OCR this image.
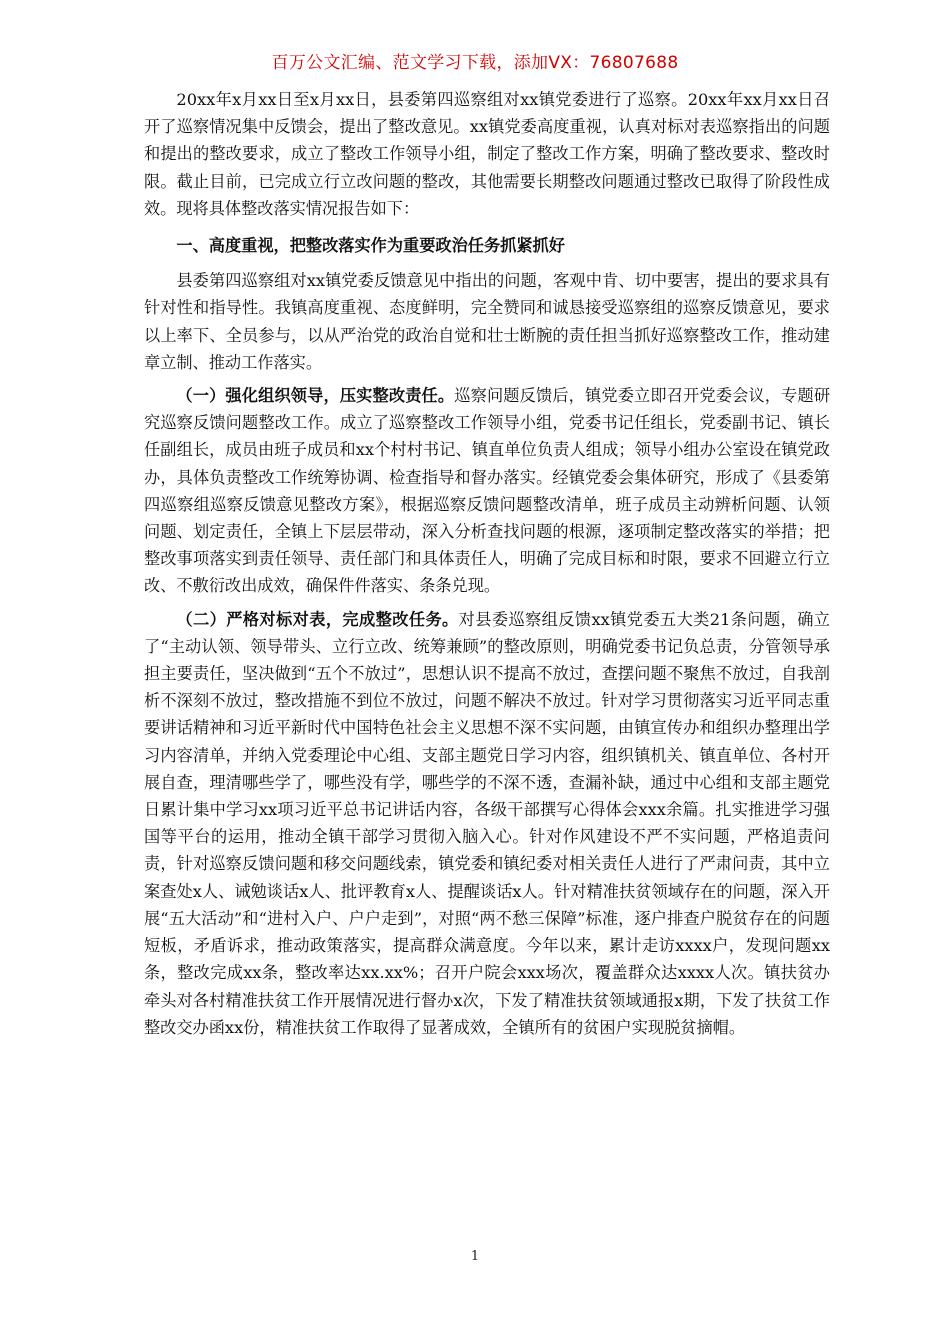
百万公文汇编、范文学习下载，添加VX：76807688

20xx年x月xx日至x月xx日，县委第四巡察组对xx镇党委进行了巡察。20xx年xx月xx日召开了巡察情况集中反馈会，提出了整改意见。xx镇党委高度重视，认真对标对表巡察指出的问题和提出的整改要求，成立了整改工作领导小组，制定了整改工作方案，明确了整改要求、整改时限。截止目前，已完成立行立改问题的整改，其他需要长期整改问题通过整改已取得了阶段性成效。现将具体整改落实情况报告如下：

一、高度重视，把整改落实作为重要政治任务抓紧抓好

县委第四巡察组对xx镇党委反馈意见中指出的问题，客观中肯、切中要害，提出的要求具有针对性和指导性。我镇高度重视、态度鲜明，完全赞同和诚恳接受巡察组的巡察反馈意见，要求以上率下、全员参与，以从严治党的政治自觉和壮士断腕的责任担当抓好巡察整改工作，推动建章立制、推动工作落实。

（一）强化组织领导，压实整改责任。巡察问题反馈后，镇党委立即召开党委会议，专题研究巡察反馈问题整改工作。成立了巡察整改工作领导小组，党委书记任组长，党委副书记、镇长任副组长，成员由班子成员和xx个村村书记、镇直单位负责人组成；领导小组办公室设在镇党政办，具体负责整改工作统筹协调、检查指导和督办落实。经镇党委会集体研究，形成了《县委第四巡察组巡察反馈意见整改方案》，根据巡察反馈问题整改清单，班子成员主动辨析问题、认领问题、划定责任，全镇上下层层带动，深入分析查找问题的根源，逐项制定整改落实的举措；把整改事项落实到责任领导、责任部门和具体责任人，明确了完成目标和时限，要求不回避立行立改、不敷衍改出成效，确保件件落实、条条兑现。

（二）严格对标对表，完成整改任务。对县委巡察组反馈xx镇党委五大类21条问题，确立了“主动认领、领导带头、立行立改、统筹兼顾”的整改原则，明确党委书记负总责，分管领导承担主要责任，坚决做到“五个不放过”，思想认识不提高不放过，查摆问题不聚焦不放过，自我剖析不深刻不放过，整改措施不到位不放过，问题不解决不放过。针对学习贯彻落实习近平同志重要讲话精神和习近平新时代中国特色社会主义思想不深不实问题，由镇宣传办和组织办整理出学习内容清单，并纳入党委理论中心组、支部主题党日学习内容，组织镇机关、镇直单位、各村开展自查，理清哪些学了，哪些没有学，哪些学的不深不透，查漏补缺，通过中心组和支部主题党日累计集中学习xx项习近平总书记讲话内容，各级干部撰写心得体会xxx余篇。扎实推进学习强国等平台的运用，推动全镇干部学习贯彻入脑入心。针对作风建设不严不实问题，严格追责问责，针对巡察反馈问题和移交问题线索，镇党委和镇纪委对相关责任人进行了严肃问责，其中立案查处x人、诫勉谈话x人、批评教育x人、提醒谈话x人。针对精准扶贫领域存在的问题，深入开展“五大活动”和“进村入户、户户走到”，对照“两不愁三保障”标准，逐户排查户脱贫存在的问题短板，矛盾诉求，推动政策落实，提高群众满意度。今年以来，累计走访xxxx户，发现问题xx条，整改完成xx条，整改率达xx.xx%；召开户院会xxx场次，覆盖群众达xxxx人次。镇扶贫办牵头对各村精准扶贫工作开展情况进行督办x次，下发了精准扶贫领域通报x期，下发了扶贫工作整改交办函xx份，精准扶贫工作取得了显著成效，全镇所有的贫困户实现脱贫摘帽。

1
